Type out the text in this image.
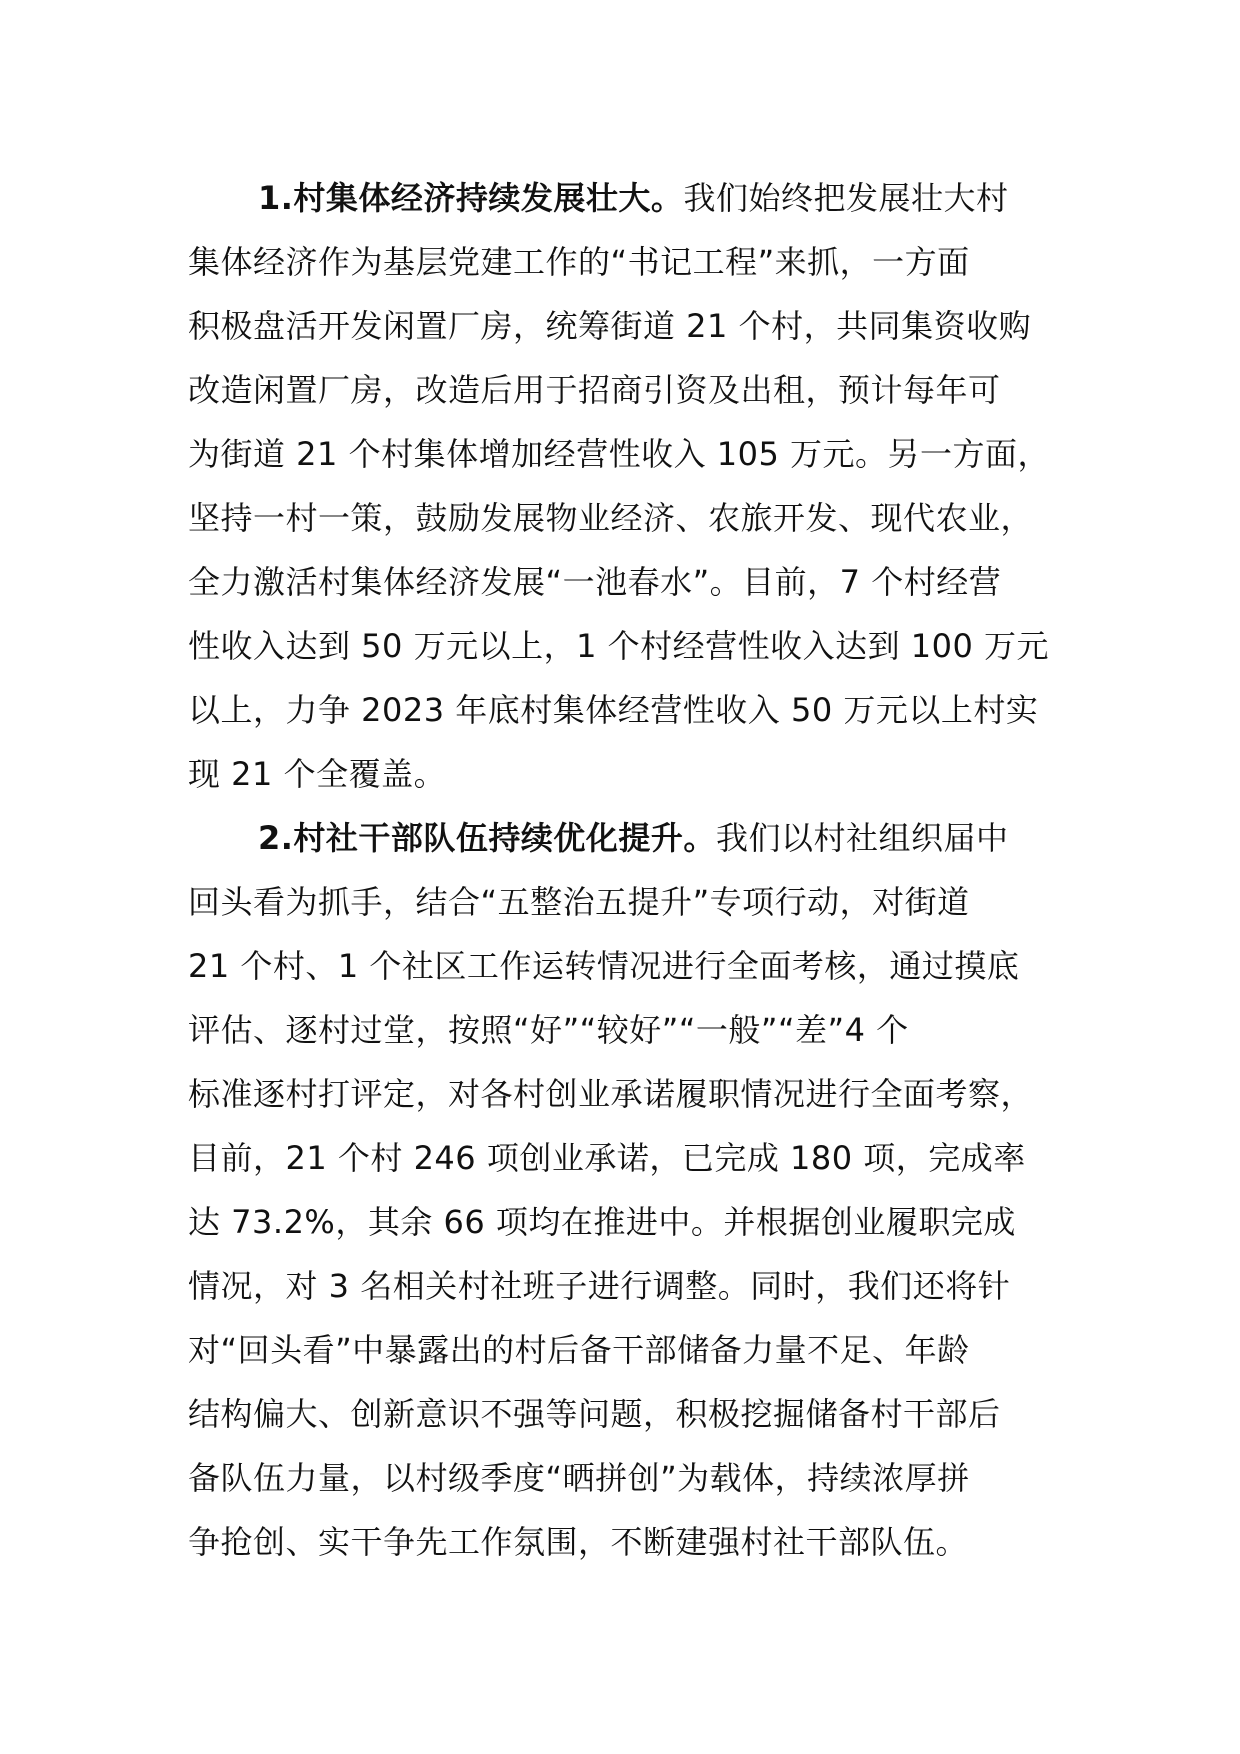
1.村集体经济持续发展壮大。我们始终把发展壮大村
集体经济作为基层党建工作的“书记工程”来抓，一方面
积极盘活开发闲置厂房，统筹街道 21 个村，共同集资收购
改造闲置厂房，改造后用于招商引资及出租，预计每年可
为街道 21 个村集体增加经营性收入 105 万元。另一方面，
坚持一村一策，鼓励发展物业经济、农旅开发、现代农业，
全力激活村集体经济发展“一池春水”。目前，7 个村经营
性收入达到 50 万元以上，1 个村经营性收入达到 100 万元
以上，力争 2023 年底村集体经营性收入 50 万元以上村实
现 21 个全覆盖。
2.村社干部队伍持续优化提升。我们以村社组织届中
回头看为抓手，结合“五整治五提升”专项行动，对街道
21 个村、1 个社区工作运转情况进行全面考核，通过摸底
评估、逐村过堂，按照“好”“较好”“一般”“差”4 个
标准逐村打评定，对各村创业承诺履职情况进行全面考察，
目前，21 个村 246 项创业承诺，已完成 180 项，完成率
达 73.2%，其余 66 项均在推进中。并根据创业履职完成
情况，对 3 名相关村社班子进行调整。同时，我们还将针
对“回头看”中暴露出的村后备干部储备力量不足、年龄
结构偏大、创新意识不强等问题，积极挖掘储备村干部后
备队伍力量，以村级季度“晒拼创”为载体，持续浓厚拼
争抢创、实干争先工作氛围，不断建强村社干部队伍。
